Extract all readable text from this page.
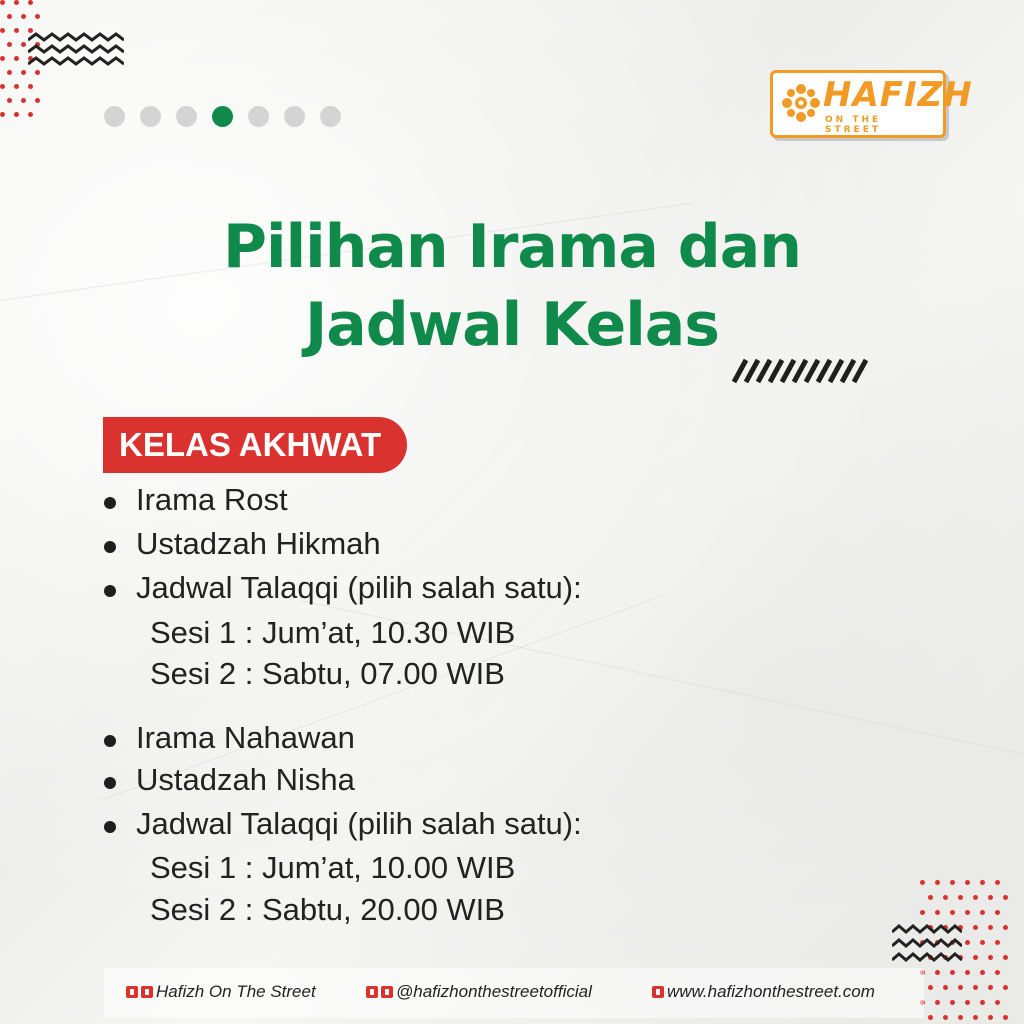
HAFIZH
ON THE STREET
Pilihan Irama dan
Jadwal Kelas
KELAS AKHWAT
Irama Rost
Ustadzah Hikmah
Jadwal Talaqqi (pilih salah satu):
Sesi 1 : Jum’at, 10.30 WIB
Sesi 2 : Sabtu, 07.00 WIB
Irama Nahawan
Ustadzah Nisha
Jadwal Talaqqi (pilih salah satu):
Sesi 1 : Jum’at, 10.00 WIB
Sesi 2 : Sabtu, 20.00 WIB
Hafizh On The Street	@hafizhonthestreetofficial	www.hafizhonthestreet.com
